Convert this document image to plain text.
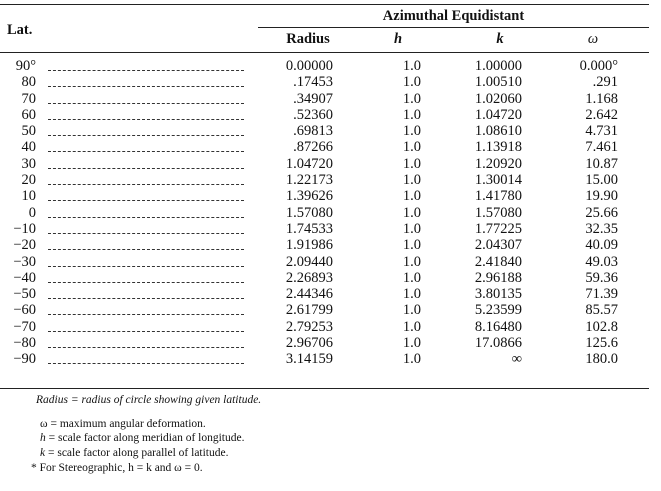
Lat.
Azimuthal Equidistant
Radius	h	k	ω
90°	0.00000	1.0	1.00000	0.000°
80	.17453	1.0	1.00510	.291
70	.34907	1.0	1.02060	1.168
60	.52360	1.0	1.04720	2.642
50	.69813	1.0	1.08610	4.731
40	.87266	1.0	1.13918	7.461
30	1.04720	1.0	1.20920	10.87
20	1.22173	1.0	1.30014	15.00
10	1.39626	1.0	1.41780	19.90
0	1.57080	1.0	1.57080	25.66
−10	1.74533	1.0	1.77225	32.35
−20	1.91986	1.0	2.04307	40.09
−30	2.09440	1.0	2.41840	49.03
−40	2.26893	1.0	2.96188	59.36
−50	2.44346	1.0	3.80135	71.39
−60	2.61799	1.0	5.23599	85.57
−70	2.79253	1.0	8.16480	102.8
−80	2.96706	1.0	17.0866	125.6
−90	3.14159	1.0	∞	180.0
Radius = radius of circle showing given latitude.
ω = maximum angular deformation.
h = scale factor along meridian of longitude.
k = scale factor along parallel of latitude.
* For Stereographic, h = k and ω = 0.
